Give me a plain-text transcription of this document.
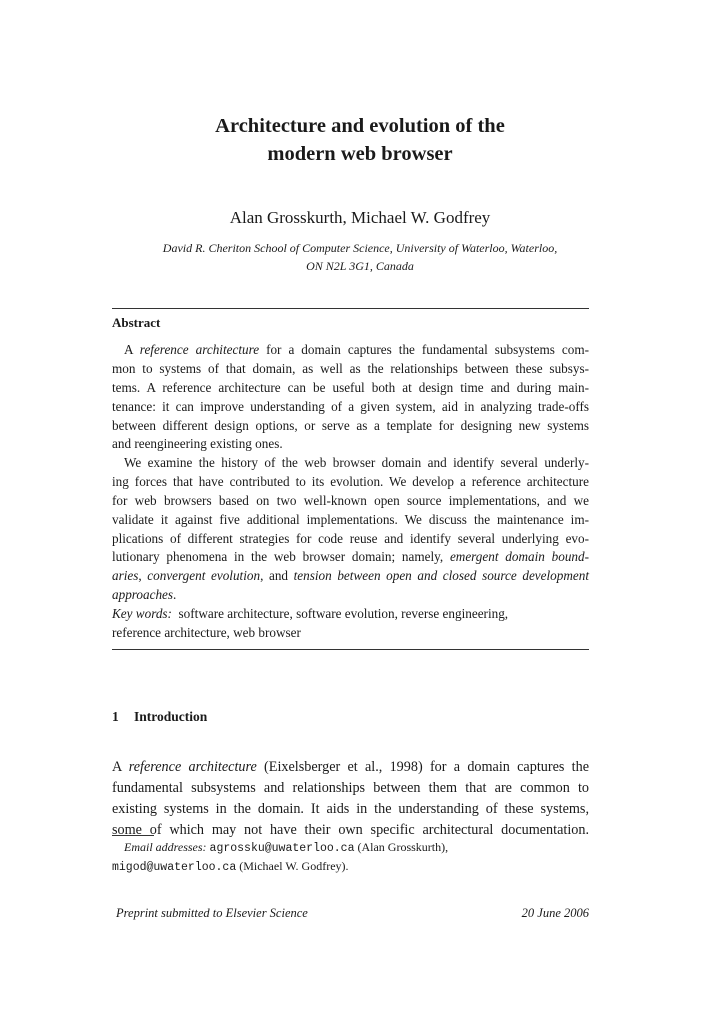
Architecture and evolution of the
modern web browser
Alan Grosskurth, Michael W. Godfrey
David R. Cheriton School of Computer Science, University of Waterloo, Waterloo,
ON N2L 3G1, Canada
Abstract
A reference architecture for a domain captures the fundamental subsystems com-
mon to systems of that domain, as well as the relationships between these subsys-
tems. A reference architecture can be useful both at design time and during main-
tenance: it can improve understanding of a given system, aid in analyzing trade-offs
between different design options, or serve as a template for designing new systems
and reengineering existing ones.
We examine the history of the web browser domain and identify several underly-
ing forces that have contributed to its evolution. We develop a reference architecture
for web browsers based on two well-known open source implementations, and we
validate it against five additional implementations. We discuss the maintenance im-
plications of different strategies for code reuse and identify several underlying evo-
lutionary phenomena in the web browser domain; namely, emergent domain bound-
aries, convergent evolution, and tension between open and closed source development
approaches.
Key words: software architecture, software evolution, reverse engineering,
reference architecture, web browser
1 Introduction
A reference architecture (Eixelsberger et al., 1998) for a domain captures the
fundamental subsystems and relationships between them that are common to
existing systems in the domain. It aids in the understanding of these systems,
some of which may not have their own specific architectural documentation.
Email addresses: agrossku@uwaterloo.ca (Alan Grosskurth),
migod@uwaterloo.ca (Michael W. Godfrey).
Preprint submitted to Elsevier Science	20 June 2006
